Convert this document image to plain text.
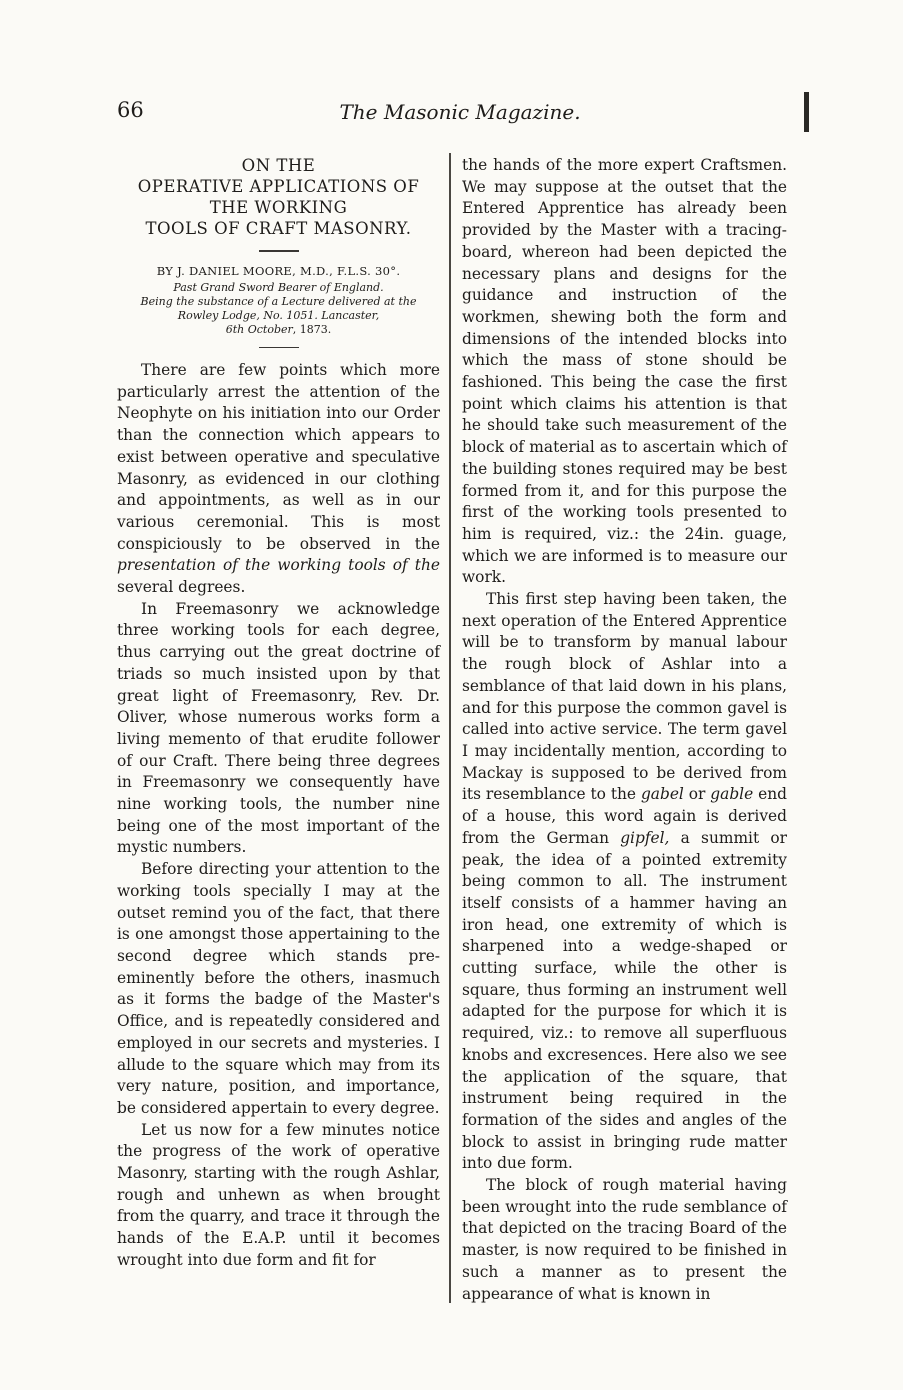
66	The Masonic Magazine.

ON THE

OPERATIVE APPLICATIONS OF

THE WORKING

TOOLS OF CRAFT MASONRY.

BY J. DANIEL MOORE, M.D., F.L.S. 30°.

Past Grand Sword Bearer of England.

Being the substance of a Lecture delivered at the

Rowley Lodge, No. 1051. Lancaster,

6th October, 1873.

There are few points which more particularly arrest the attention of the Neophyte on his initiation into our Order than the connection which appears to exist between operative and speculative Masonry, as evidenced in our clothing and appointments, as well as in our various ceremonial. This is most conspiciously to be observed in the presentation of the working tools of the several degrees.

In Freemasonry we acknowledge three working tools for each degree, thus carrying out the great doctrine of triads so much insisted upon by that great light of Freemasonry, Rev. Dr. Oliver, whose numerous works form a living memento of that erudite follower of our Craft. There being three degrees in Freemasonry we consequently have nine working tools, the number nine being one of the most important of the mystic numbers.

Before directing your attention to the working tools specially I may at the outset remind you of the fact, that there is one amongst those appertaining to the second degree which stands pre-eminently before the others, inasmuch as it forms the badge of the Master's Office, and is repeatedly considered and employed in our secrets and mysteries. I allude to the square which may from its very nature, position, and importance, be considered appertain to every degree.

Let us now for a few minutes notice the progress of the work of operative Masonry, starting with the rough Ashlar, rough and unhewn as when brought from the quarry, and trace it through the hands of the E.A.P. until it becomes wrought into due form and fit for

the hands of the more expert Craftsmen. We may suppose at the outset that the Entered Apprentice has already been provided by the Master with a tracing-board, whereon had been depicted the necessary plans and designs for the guidance and instruction of the workmen, shewing both the form and dimensions of the intended blocks into which the mass of stone should be fashioned. This being the case the first point which claims his attention is that he should take such measurement of the block of material as to ascertain which of the building stones required may be best formed from it, and for this purpose the first of the working tools presented to him is required, viz.: the 24in. guage, which we are informed is to measure our work.

This first step having been taken, the next operation of the Entered Apprentice will be to transform by manual labour the rough block of Ashlar into a semblance of that laid down in his plans, and for this purpose the common gavel is called into active service. The term gavel I may incidentally mention, according to Mackay is supposed to be derived from its resemblance to the gabel or gable end of a house, this word again is derived from the German gipfel, a summit or peak, the idea of a pointed extremity being common to all. The instrument itself consists of a hammer having an iron head, one extremity of which is sharpened into a wedge-shaped or cutting surface, while the other is square, thus forming an instrument well adapted for the purpose for which it is required, viz.: to remove all superfluous knobs and excresences. Here also we see the application of the square, that instrument being required in the formation of the sides and angles of the block to assist in bringing rude matter into due form.

The block of rough material having been wrought into the rude semblance of that depicted on the tracing Board of the master, is now required to be finished in such a manner as to present the appearance of what is known in
